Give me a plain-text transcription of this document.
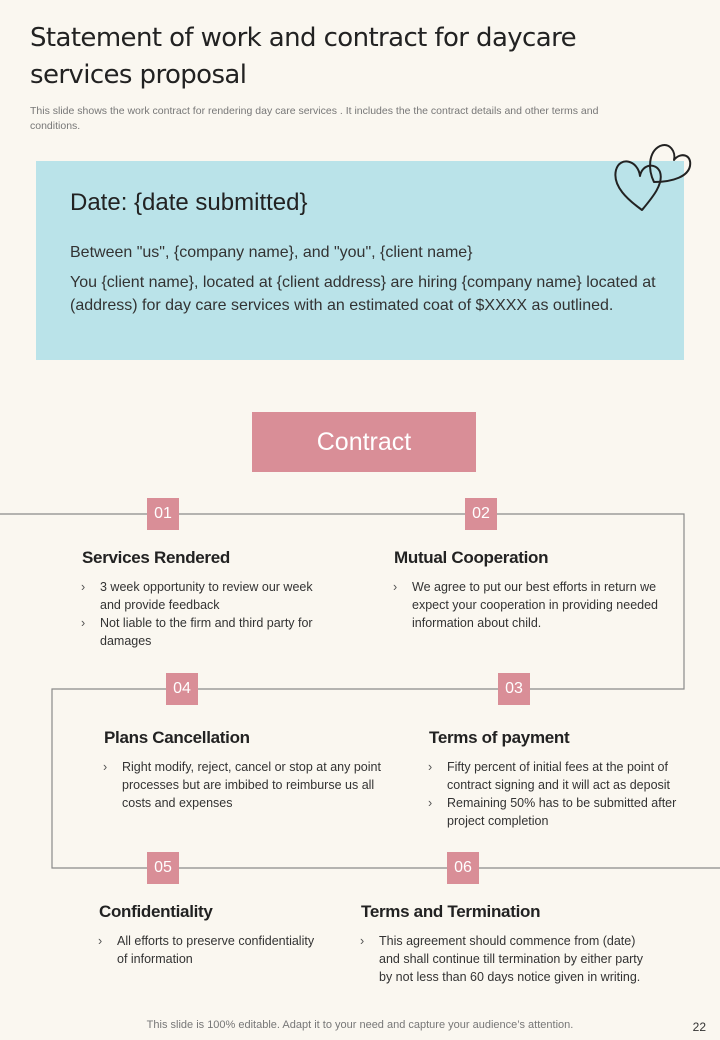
Statement of work and contract for daycare services proposal
This slide shows the work contract for rendering day care services . It includes the the contract details and other terms and conditions.
Date: {date submitted}
Between "us", {company name}, and "you", {client name}
You {client name}, located at {client address} are hiring {company name} located at (address) for day care services with an estimated coat of $XXXX as outlined.
Contract
01
Services Rendered
› 3 week opportunity to review our week and provide feedback
› Not liable to the firm and third party for damages
02
Mutual Cooperation
› We agree to put our best efforts in return we expect your cooperation in providing needed information about child.
04
Plans Cancellation
› Right modify, reject, cancel or stop at any point processes but are imbibed to reimburse us all costs and expenses
03
Terms of payment
› Fifty percent of initial fees at the point of contract signing and it will act as deposit
› Remaining 50% has to be submitted after project completion
05
Confidentiality
› All efforts to preserve confidentiality of information
06
Terms and Termination
› This agreement should commence from (date) and shall continue till termination by either party by not less than 60 days notice given in writing.
This slide is 100% editable. Adapt it to your need and capture your audience’s attention.	22
